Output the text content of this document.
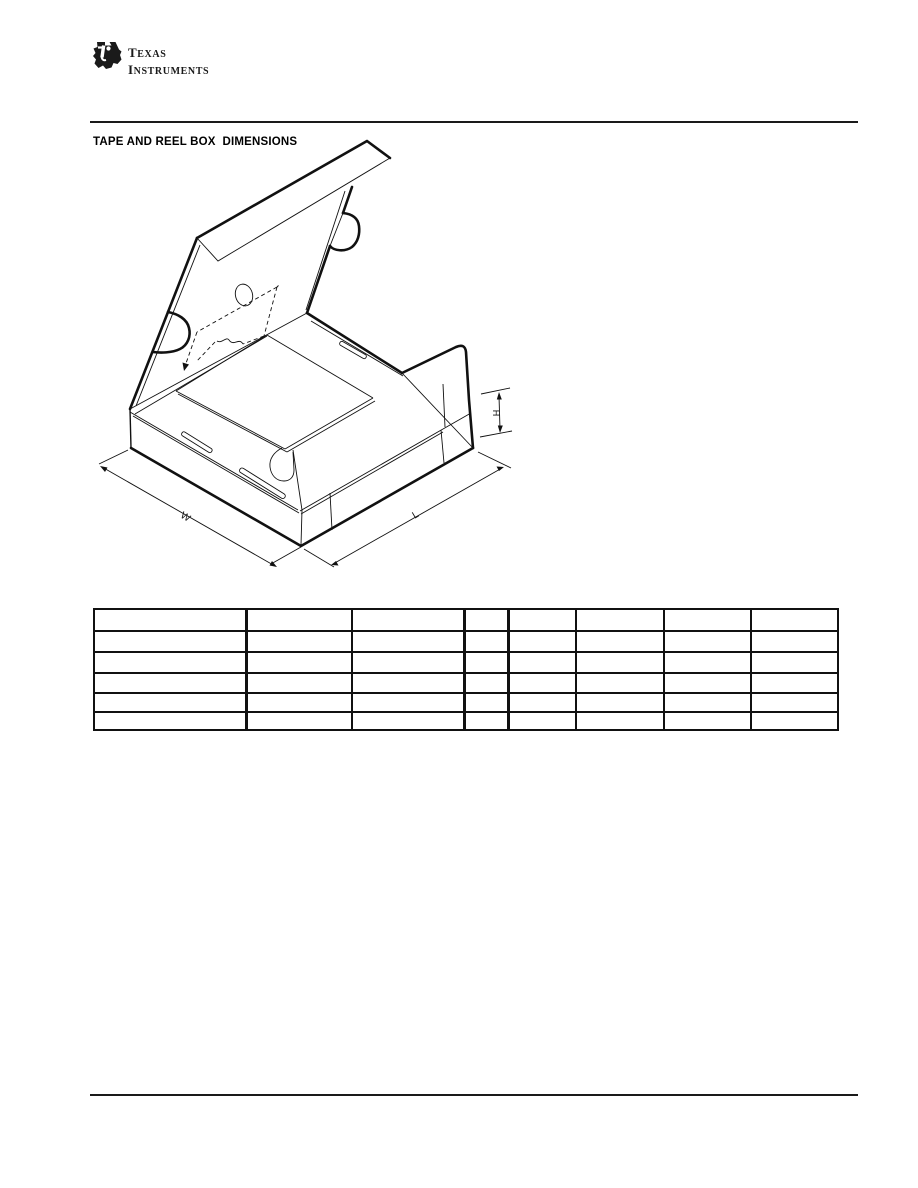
TEXAS
INSTRUMENTS
TAPE AND REEL BOX  DIMENSIONS
W	L
H
